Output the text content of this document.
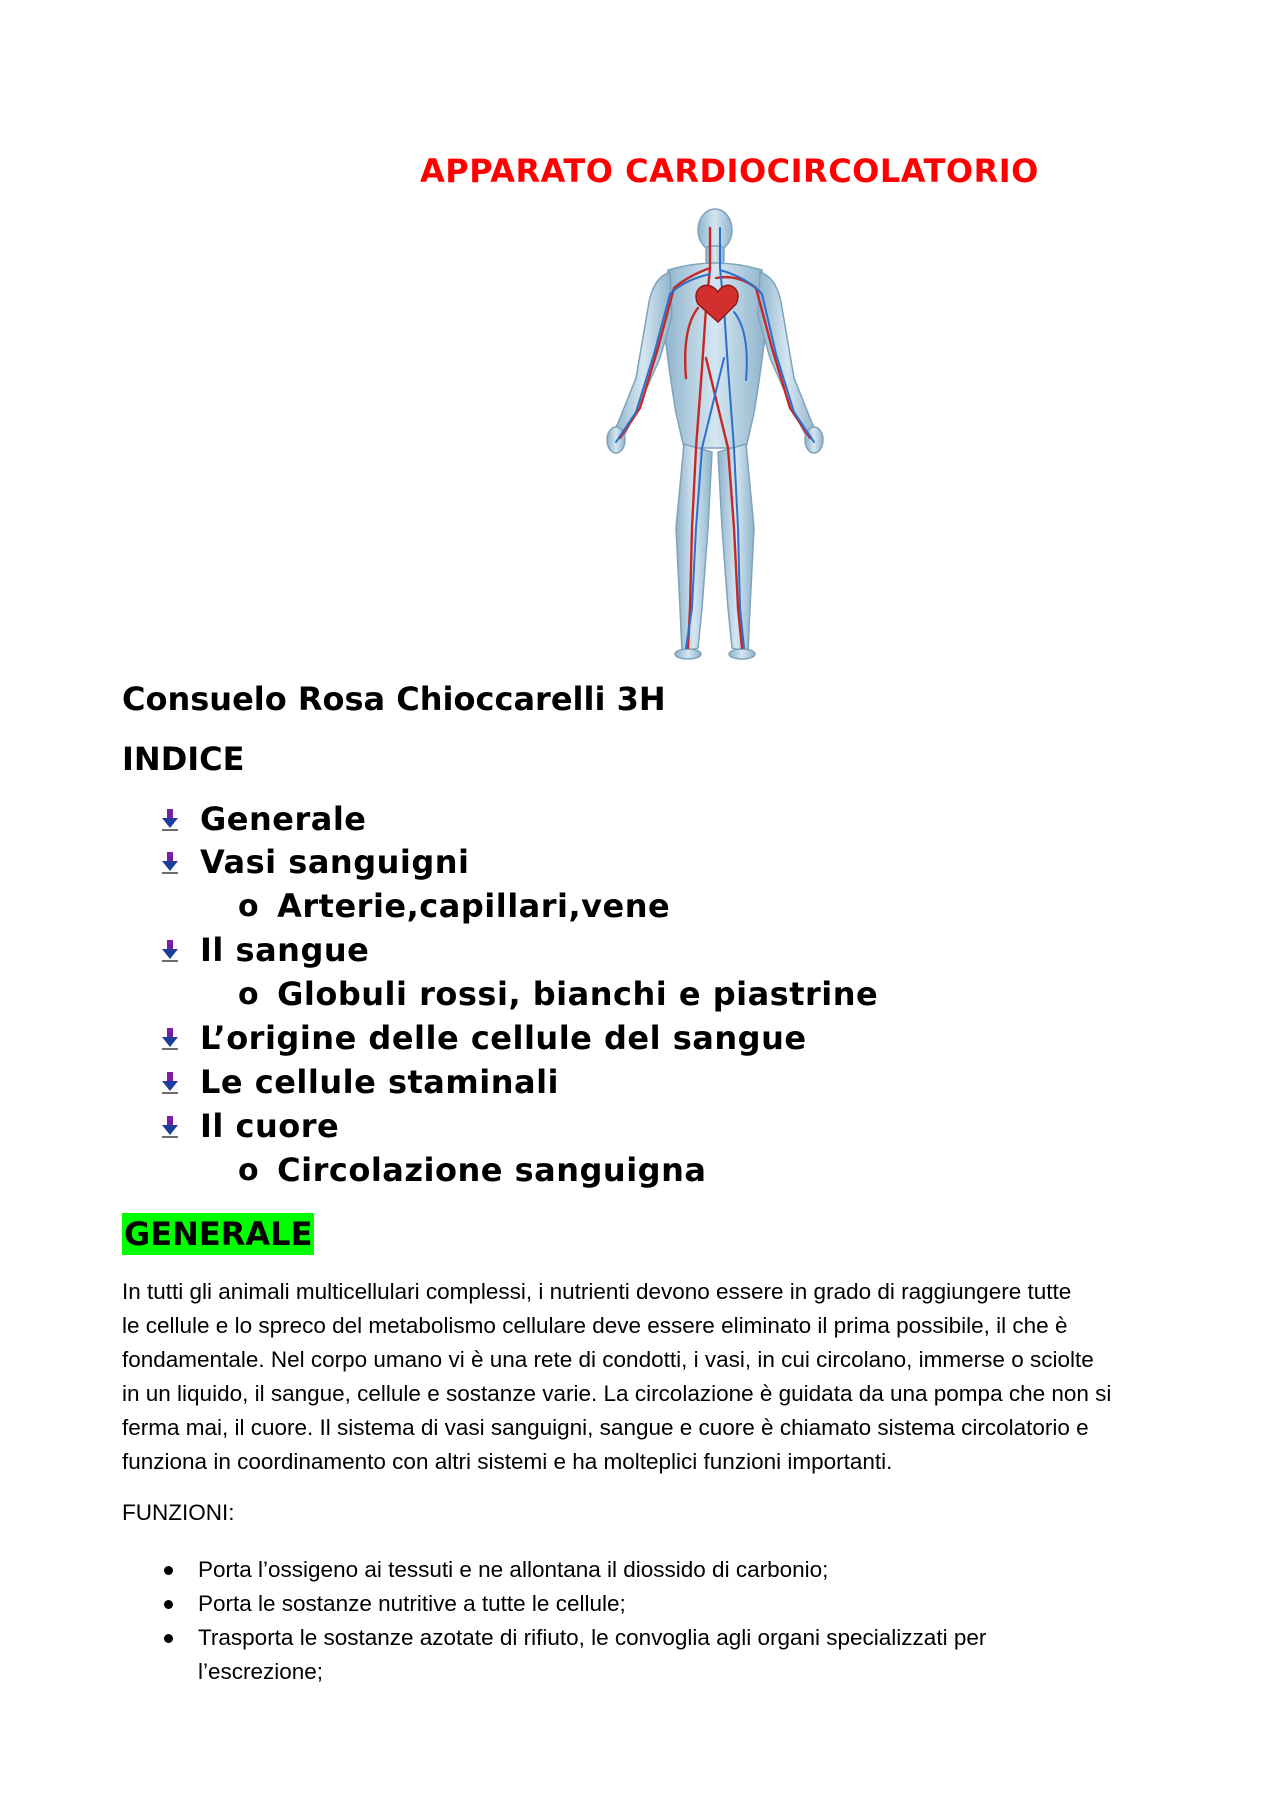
APPARATO CARDIOCIRCOLATORIO
Consuelo Rosa Chioccarelli 3H
INDICE
Generale
Vasi sanguigni
o Arterie,capillari,vene
Il sangue
o Globuli rossi, bianchi e piastrine
L’origine delle cellule del sangue
Le cellule staminali
Il cuore
o Circolazione sanguigna
GENERALE
In tutti gli animali multicellulari complessi, i nutrienti devono essere in grado di raggiungere tutte
le cellule e lo spreco del metabolismo cellulare deve essere eliminato il prima possibile, il che è
fondamentale. Nel corpo umano vi è una rete di condotti, i vasi, in cui circolano, immerse o sciolte
in un liquido, il sangue, cellule e sostanze varie. La circolazione è guidata da una pompa che non si
ferma mai, il cuore. Il sistema di vasi sanguigni, sangue e cuore è chiamato sistema circolatorio e
funziona in coordinamento con altri sistemi e ha molteplici funzioni importanti.
FUNZIONI:
Porta l’ossigeno ai tessuti e ne allontana il diossido di carbonio;
Porta le sostanze nutritive a tutte le cellule;
Trasporta le sostanze azotate di rifiuto, le convoglia agli organi specializzati per
l’escrezione;
